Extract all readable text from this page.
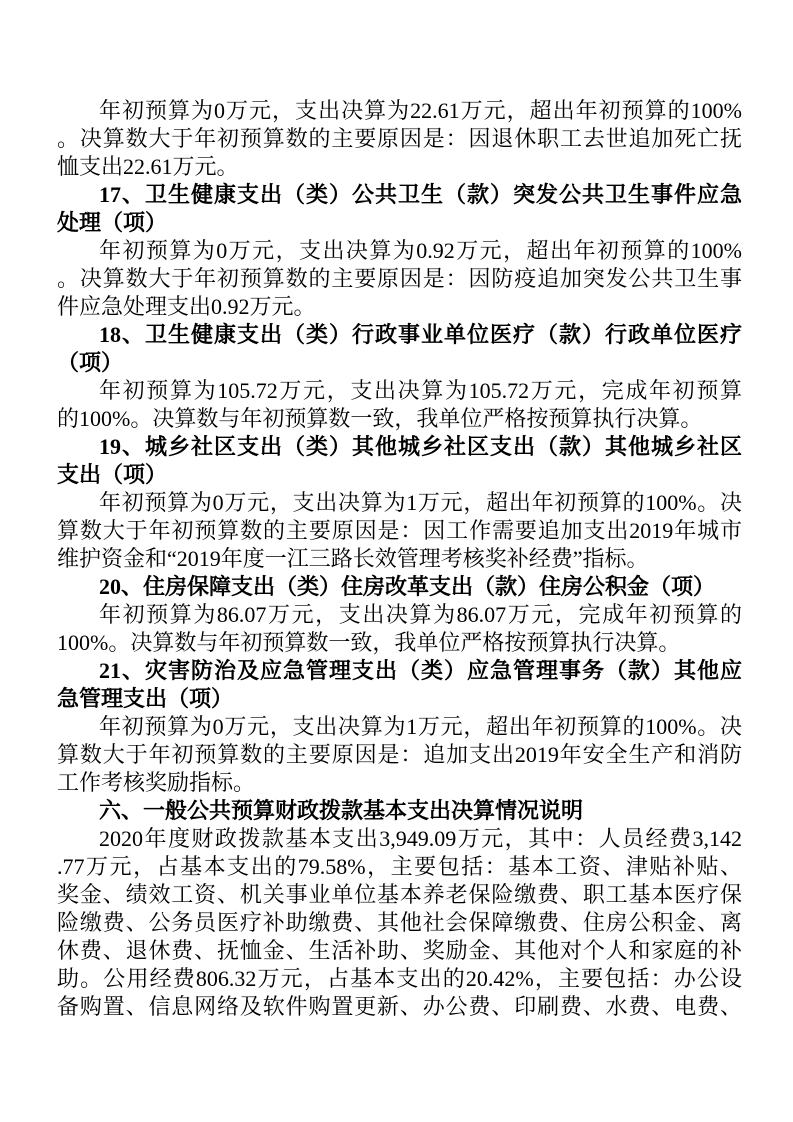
年初预算为0万元，支出决算为22.61万元，超出年初预算的100%
。决算数大于年初预算数的主要原因是：因退休职工去世追加死亡抚
恤支出22.61万元。
17、卫生健康支出（类）公共卫生（款）突发公共卫生事件应急
处理（项）
年初预算为0万元，支出决算为0.92万元，超出年初预算的100%
。决算数大于年初预算数的主要原因是：因防疫追加突发公共卫生事
件应急处理支出0.92万元。
18、卫生健康支出（类）行政事业单位医疗（款）行政单位医疗
（项）
年初预算为105.72万元，支出决算为105.72万元，完成年初预算
的100%。决算数与年初预算数一致，我单位严格按预算执行决算。
19、城乡社区支出（类）其他城乡社区支出（款）其他城乡社区
支出（项）
年初预算为0万元，支出决算为1万元，超出年初预算的100%。决
算数大于年初预算数的主要原因是：因工作需要追加支出2019年城市
维护资金和“2019年度一江三路长效管理考核奖补经费”指标。
20、住房保障支出（类）住房改革支出（款）住房公积金（项）
年初预算为86.07万元，支出决算为86.07万元，完成年初预算的
100%。决算数与年初预算数一致，我单位严格按预算执行决算。
21、灾害防治及应急管理支出（类）应急管理事务（款）其他应
急管理支出（项）
年初预算为0万元，支出决算为1万元，超出年初预算的100%。决
算数大于年初预算数的主要原因是：追加支出2019年安全生产和消防
工作考核奖励指标。
六、一般公共预算财政拨款基本支出决算情况说明
2020年度财政拨款基本支出3,949.09万元，其中：人员经费3,142
.77万元，占基本支出的79.58%，主要包括：基本工资、津贴补贴、
奖金、绩效工资、机关事业单位基本养老保险缴费、职工基本医疗保
险缴费、公务员医疗补助缴费、其他社会保障缴费、住房公积金、离
休费、退休费、抚恤金、生活补助、奖励金、其他对个人和家庭的补
助。公用经费806.32万元，占基本支出的20.42%，主要包括：办公设
备购置、信息网络及软件购置更新、办公费、印刷费、水费、电费、
